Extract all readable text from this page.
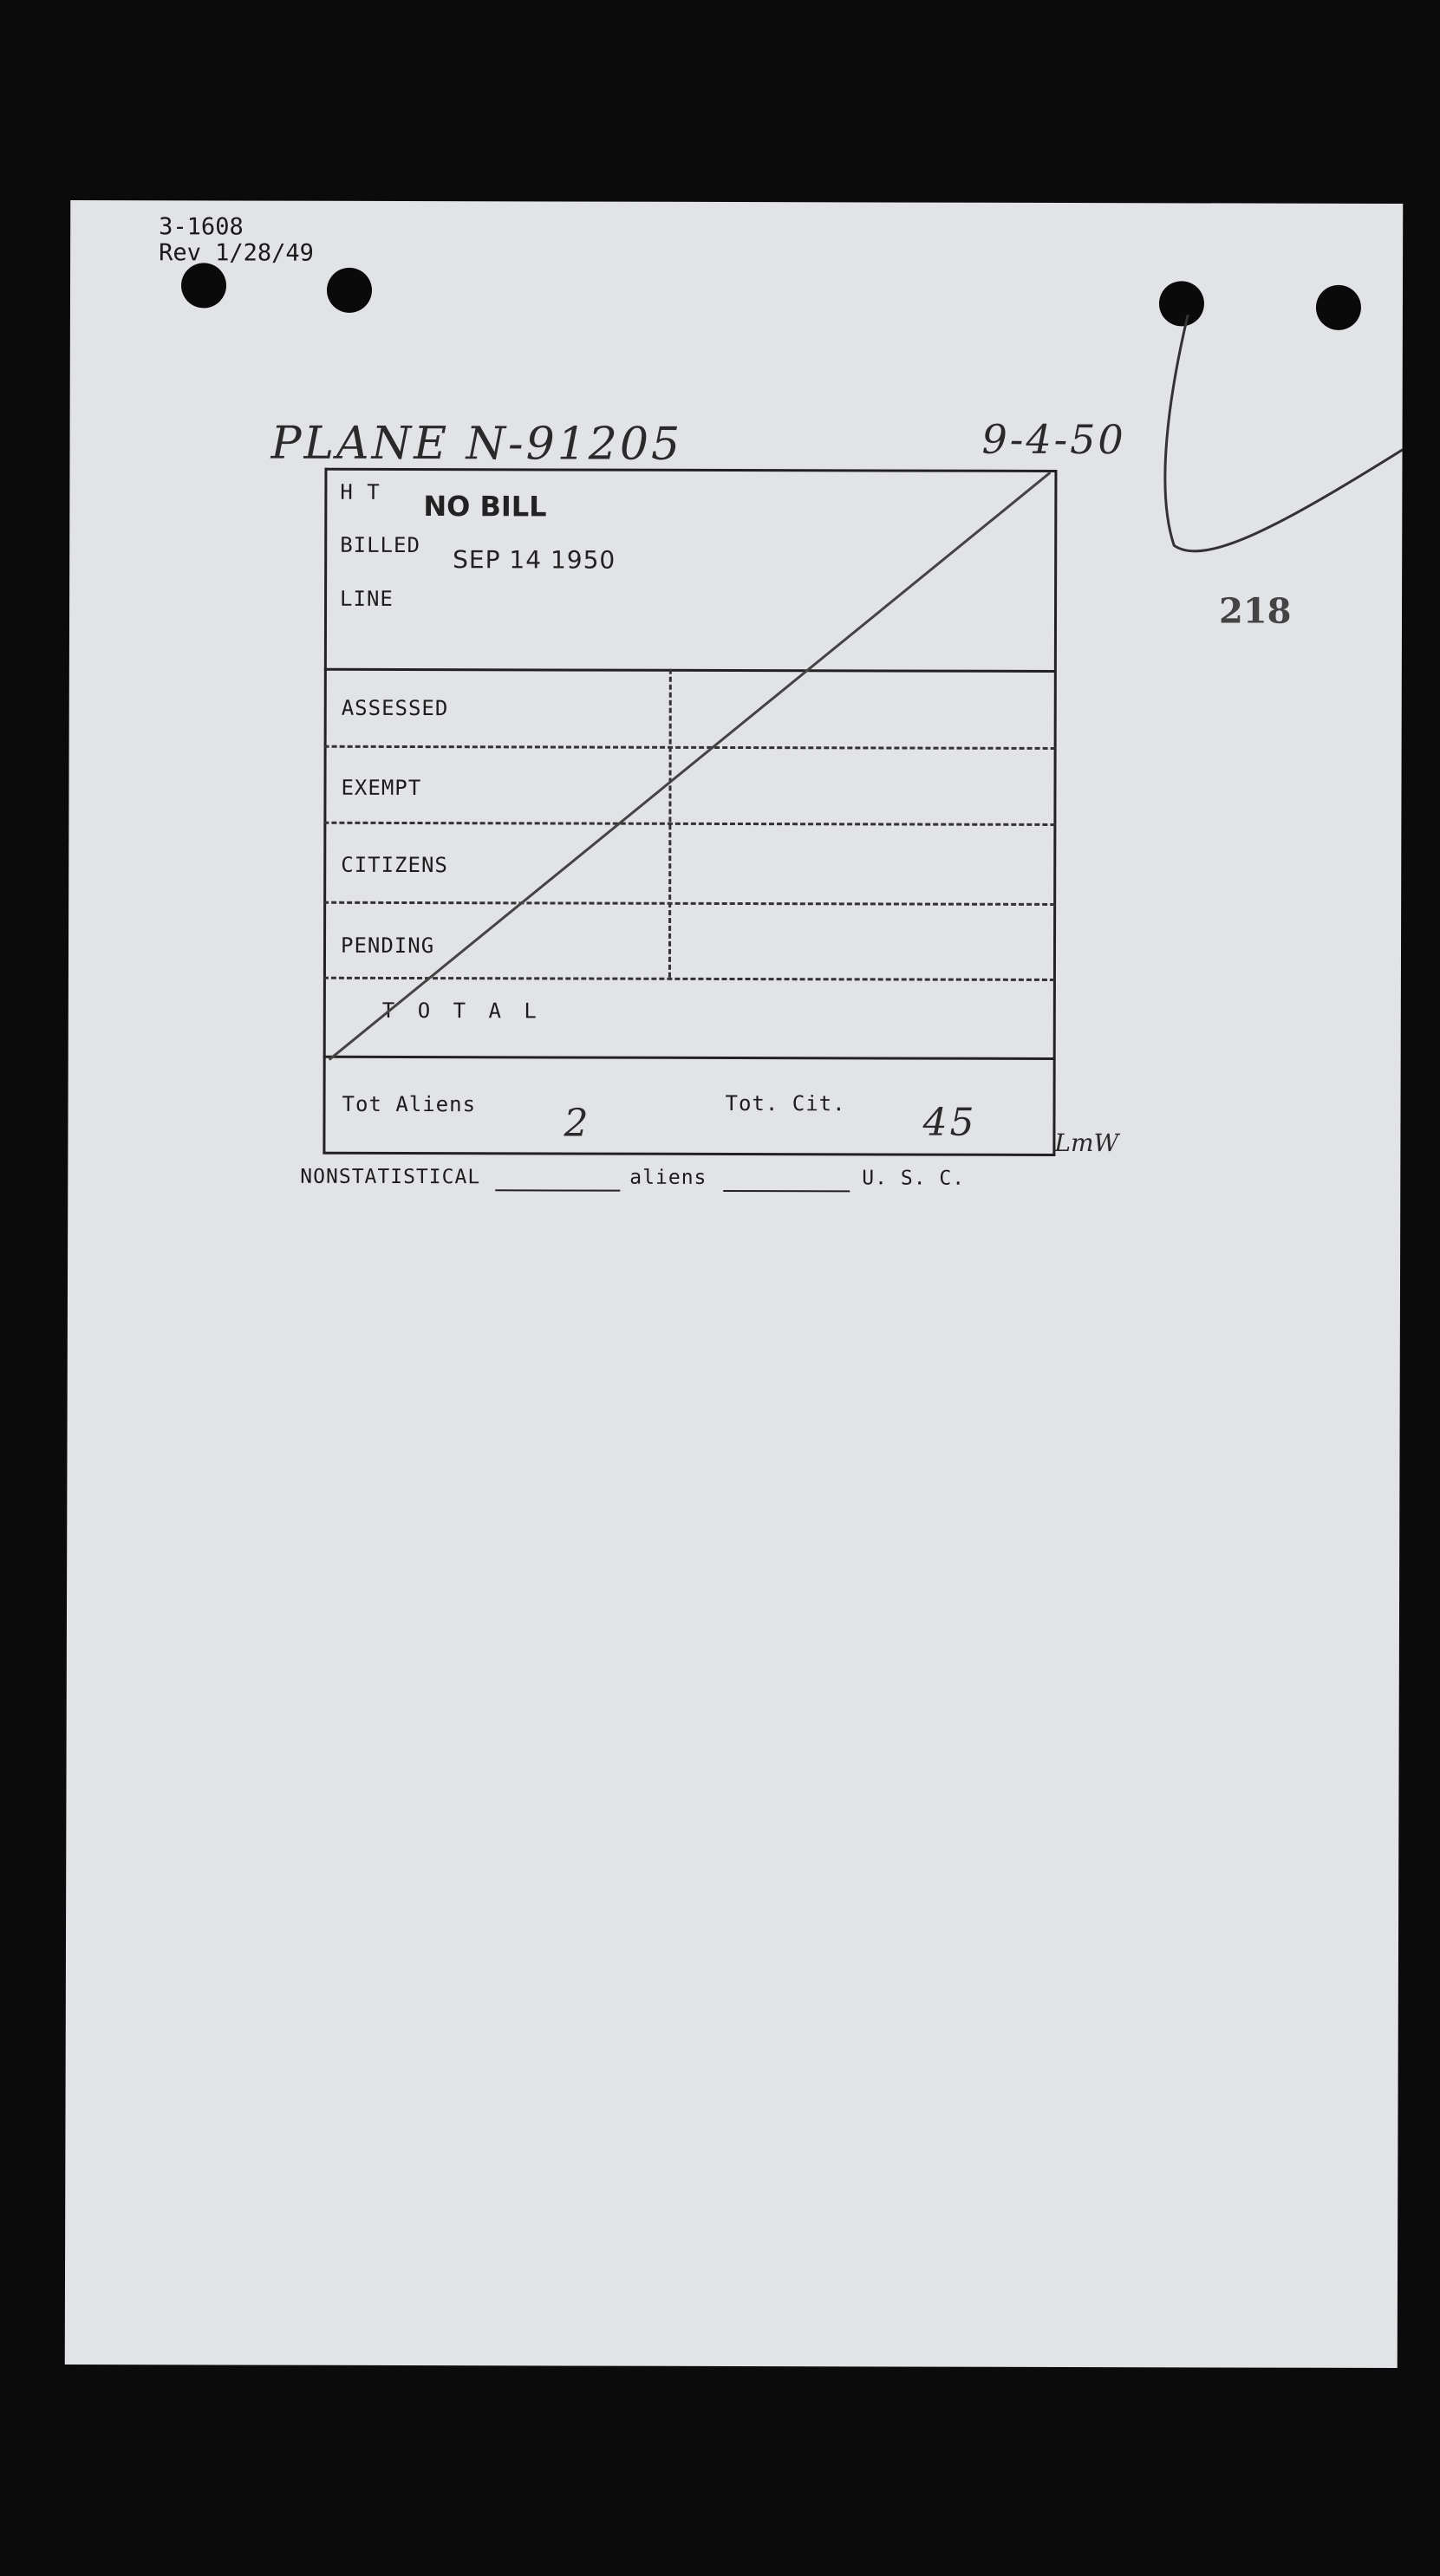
3-1608
Rev 1/28/49
PLANE N-91205	9-4-50
218
H T
BILLED
LINE
NO BILL
SEP 14 1950
ASSESSED
EXEMPT
CITIZENS
PENDING
T O T A L
Tot Aliens 2	Tot. Cit. 45	LmW
NONSTATISTICAL	aliens	U. S. C.
